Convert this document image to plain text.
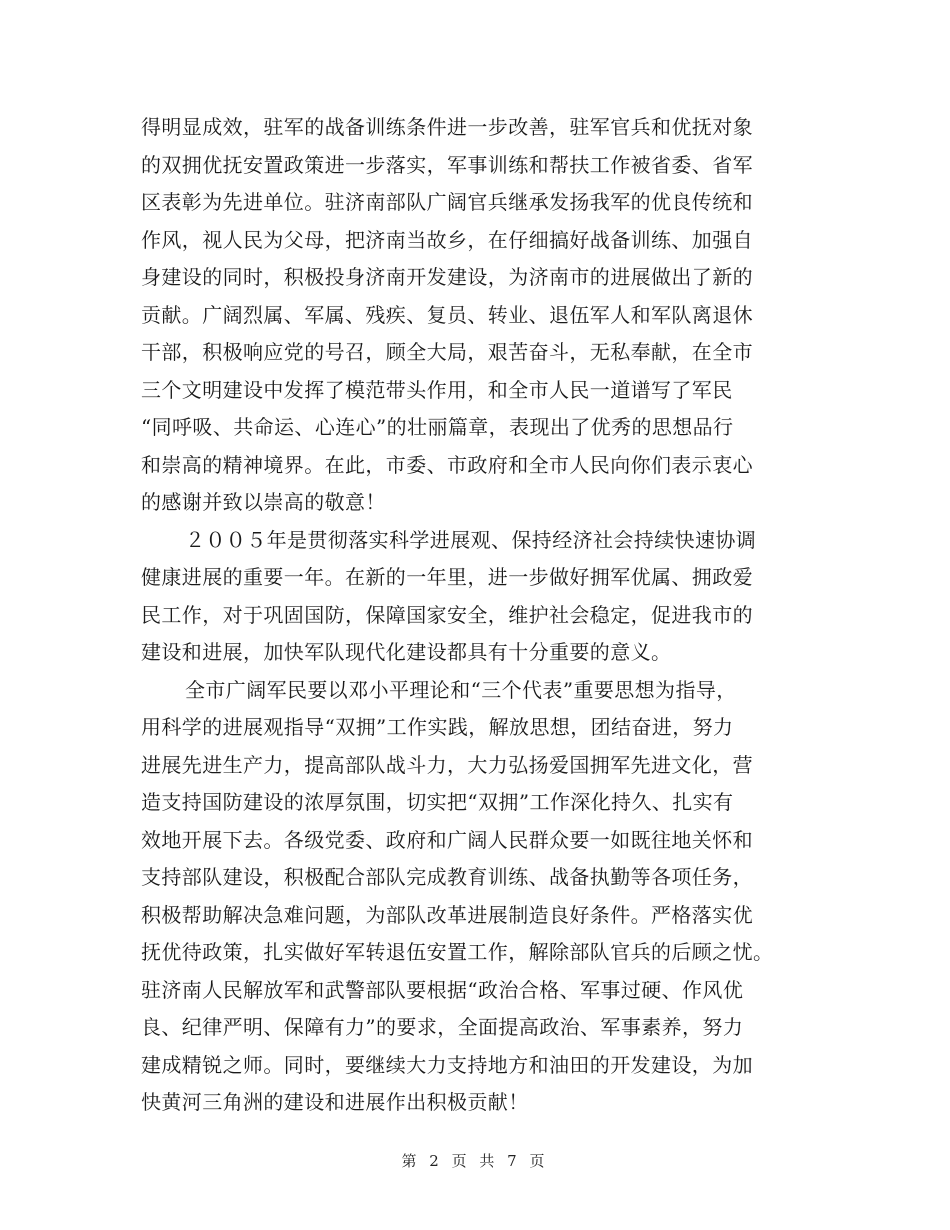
得明显成效，驻军的战备训练条件进一步改善，驻军官兵和优抚对象
的双拥优抚安置政策进一步落实，军事训练和帮扶工作被省委、省军
区表彰为先进单位。驻济南部队广阔官兵继承发扬我军的优良传统和
作风，视人民为父母，把济南当故乡，在仔细搞好战备训练、加强自
身建设的同时，积极投身济南开发建设，为济南市的进展做出了新的
贡献。广阔烈属、军属、残疾、复员、转业、退伍军人和军队离退休
干部，积极响应党的号召，顾全大局，艰苦奋斗，无私奉献，在全市
三个文明建设中发挥了模范带头作用，和全市人民一道谱写了军民
“同呼吸、共命运、心连心”的壮丽篇章，表现出了优秀的思想品行
和崇高的精神境界。在此，市委、市政府和全市人民向你们表示衷心
的感谢并致以崇高的敬意！
２００５年是贯彻落实科学进展观、保持经济社会持续快速协调
健康进展的重要一年。在新的一年里，进一步做好拥军优属、拥政爱
民工作，对于巩固国防，保障国家安全，维护社会稳定，促进我市的
建设和进展，加快军队现代化建设都具有十分重要的意义。
全市广阔军民要以邓小平理论和“三个代表”重要思想为指导，
用科学的进展观指导“双拥”工作实践，解放思想，团结奋进，努力
进展先进生产力，提高部队战斗力，大力弘扬爱国拥军先进文化，营
造支持国防建设的浓厚氛围，切实把“双拥”工作深化持久、扎实有
效地开展下去。各级党委、政府和广阔人民群众要一如既往地关怀和
支持部队建设，积极配合部队完成教育训练、战备执勤等各项任务，
积极帮助解决急难问题，为部队改革进展制造良好条件。严格落实优
抚优待政策，扎实做好军转退伍安置工作，解除部队官兵的后顾之忧。
驻济南人民解放军和武警部队要根据“政治合格、军事过硬、作风优
良、纪律严明、保障有力”的要求，全面提高政治、军事素养，努力
建成精锐之师。同时，要继续大力支持地方和油田的开发建设，为加
快黄河三角洲的建设和进展作出积极贡献！
第 2 页 共 7 页
